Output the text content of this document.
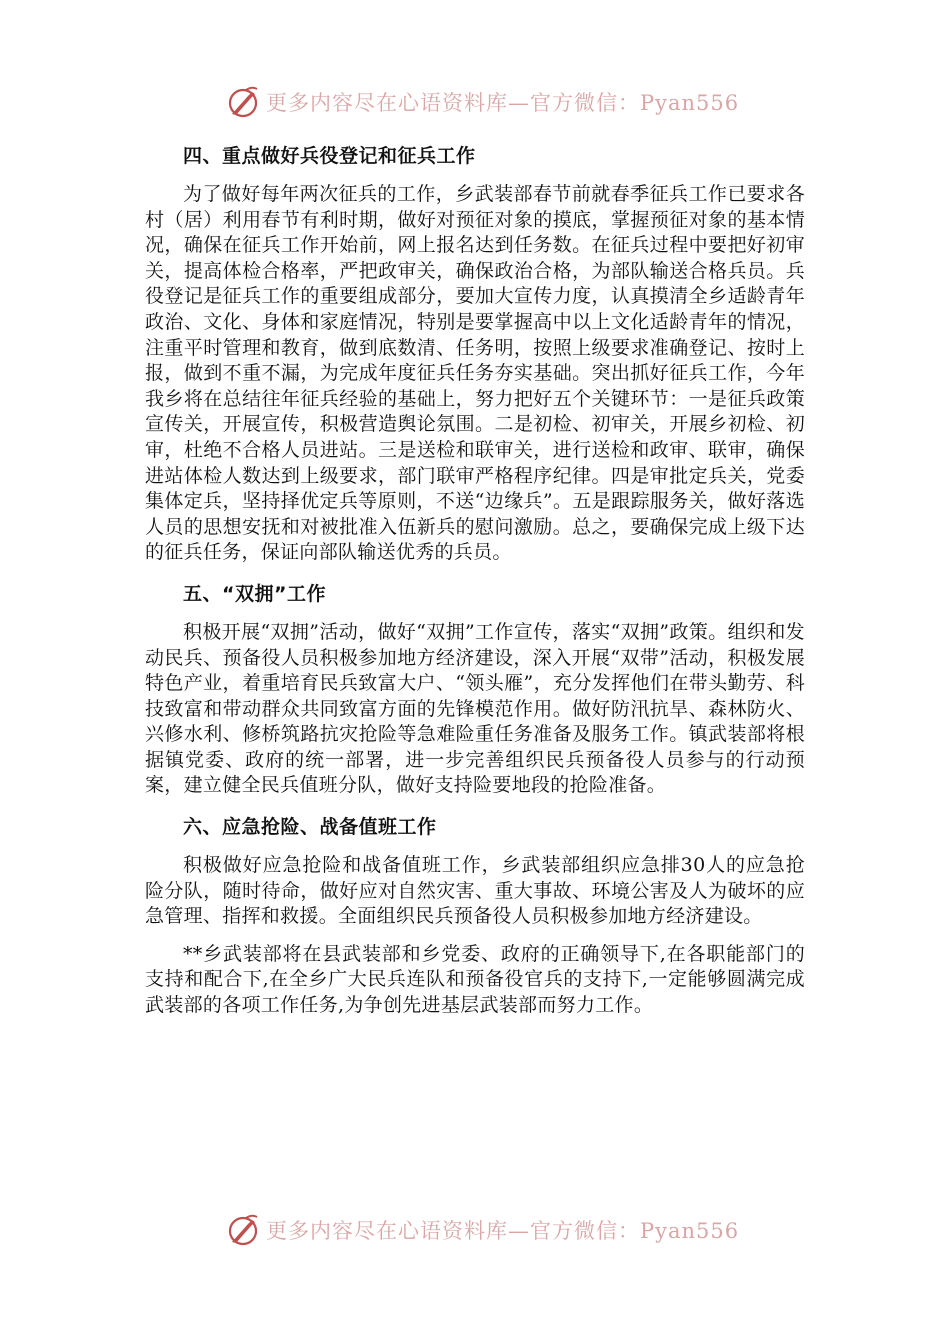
更多内容尽在心语资料库—官方微信：Pyan556
四、重点做好兵役登记和征兵工作

为了做好每年两次征兵的工作，乡武装部春节前就春季征兵工作已要求各村（居）利用春节有利时期，做好对预征对象的摸底，掌握预征对象的基本情况，确保在征兵工作开始前，网上报名达到任务数。在征兵过程中要把好初审关，提高体检合格率，严把政审关，确保政治合格，为部队输送合格兵员。兵役登记是征兵工作的重要组成部分，要加大宣传力度，认真摸清全乡适龄青年政治、文化、身体和家庭情况，特别是要掌握高中以上文化适龄青年的情况，注重平时管理和教育，做到底数清、任务明，按照上级要求准确登记、按时上报，做到不重不漏，为完成年度征兵任务夯实基础。突出抓好征兵工作，今年我乡将在总结往年征兵经验的基础上，努力把好五个关键环节：一是征兵政策宣传关，开展宣传，积极营造舆论氛围。二是初检、初审关，开展乡初检、初审，杜绝不合格人员进站。三是送检和联审关，进行送检和政审、联审，确保进站体检人数达到上级要求，部门联审严格程序纪律。四是审批定兵关，党委集体定兵，坚持择优定兵等原则，不送“边缘兵”。五是跟踪服务关，做好落选人员的思想安抚和对被批准入伍新兵的慰问激励。总之，要确保完成上级下达的征兵任务，保证向部队输送优秀的兵员。

五、“双拥”工作

积极开展“双拥”活动，做好“双拥”工作宣传，落实“双拥”政策。组织和发动民兵、预备役人员积极参加地方经济建设，深入开展“双带”活动，积极发展特色产业，着重培育民兵致富大户、“领头雁”，充分发挥他们在带头勤劳、科技致富和带动群众共同致富方面的先锋模范作用。做好防汛抗旱、森林防火、兴修水利、修桥筑路抗灾抢险等急难险重任务准备及服务工作。镇武装部将根据镇党委、政府的统一部署，进一步完善组织民兵预备役人员参与的行动预案，建立健全民兵值班分队，做好支持险要地段的抢险准备。

六、应急抢险、战备值班工作

积极做好应急抢险和战备值班工作，乡武装部组织应急排30人的应急抢险分队，随时待命，做好应对自然灾害、重大事故、环境公害及人为破坏的应急管理、指挥和救援。全面组织民兵预备役人员积极参加地方经济建设。

**乡武装部将在县武装部和乡党委、政府的正确领导下,在各职能部门的支持和配合下,在全乡广大民兵连队和预备役官兵的支持下,一定能够圆满完成武装部的各项工作任务,为争创先进基层武装部而努力工作。

更多内容尽在心语资料库—官方微信：Pyan556
